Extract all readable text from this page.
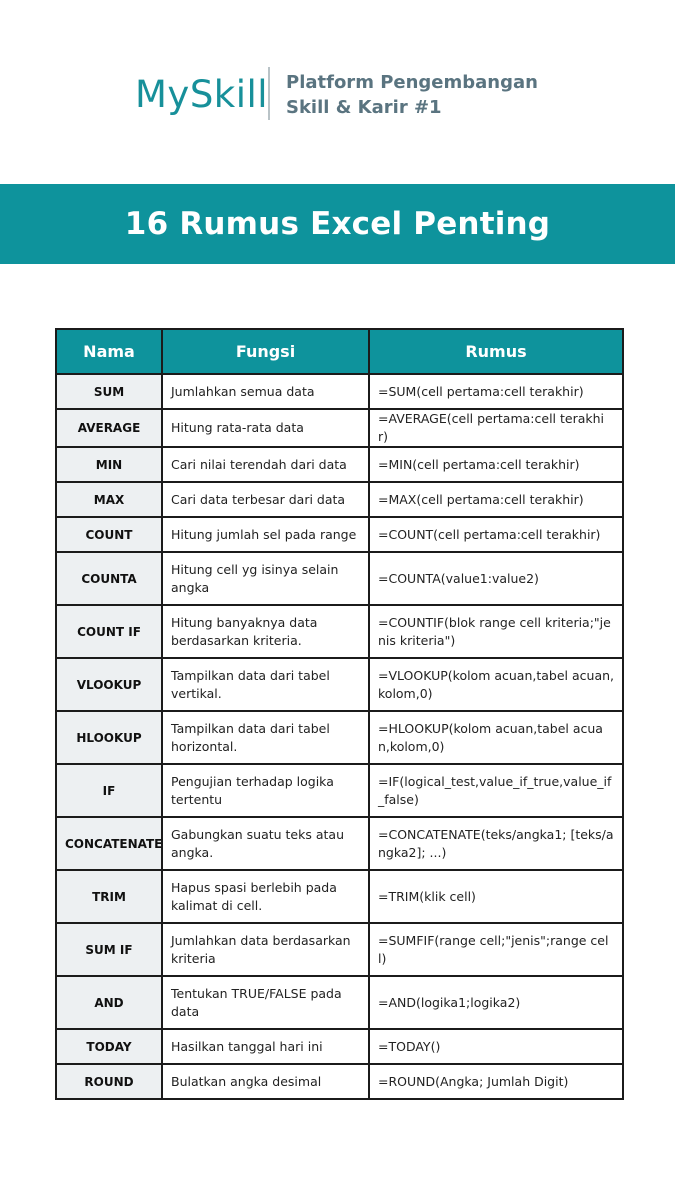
MySkill Platform Pengembangan
Skill & Karir #1
16 Rumus Excel Penting
Nama	Fungsi	Rumus
SUM	Jumlahkan semua data	=SUM(cell pertama:cell terakhir)
AVERAGE	Hitung rata-rata data	=AVERAGE(cell pertama:cell terakhir)
MIN	Cari nilai terendah dari data	=MIN(cell pertama:cell terakhir)
MAX	Cari data terbesar dari data	=MAX(cell pertama:cell terakhir)
COUNT	Hitung jumlah sel pada range	=COUNT(cell pertama:cell terakhir)
COUNTA	Hitung cell yg isinya selain angka	=COUNTA(value1:value2)
COUNT IF	Hitung banyaknya data berdasarkan kriteria.	=COUNTIF(blok range cell kriteria;"jenis kriteria")
VLOOKUP	Tampilkan data dari tabel vertikal.	=VLOOKUP(kolom acuan,tabel acuan,kolom,0)
HLOOKUP	Tampilkan data dari tabel horizontal.	=HLOOKUP(kolom acuan,tabel acuan,kolom,0)
IF	Pengujian terhadap logika tertentu	=IF(logical_test,value_if_true,value_if_false)
CONCATENATE	Gabungkan suatu teks atau angka.	=CONCATENATE(teks/angka1; [teks/angka2]; ...)
TRIM	Hapus spasi berlebih pada kalimat di cell.	=TRIM(klik cell)
SUM IF	Jumlahkan data berdasarkan kriteria	=SUMFIF(range cell;"jenis";range cell)
AND	Tentukan TRUE/FALSE pada data	=AND(logika1;logika2)
TODAY	Hasilkan tanggal hari ini	=TODAY()
ROUND	Bulatkan angka desimal	=ROUND(Angka; Jumlah Digit)
